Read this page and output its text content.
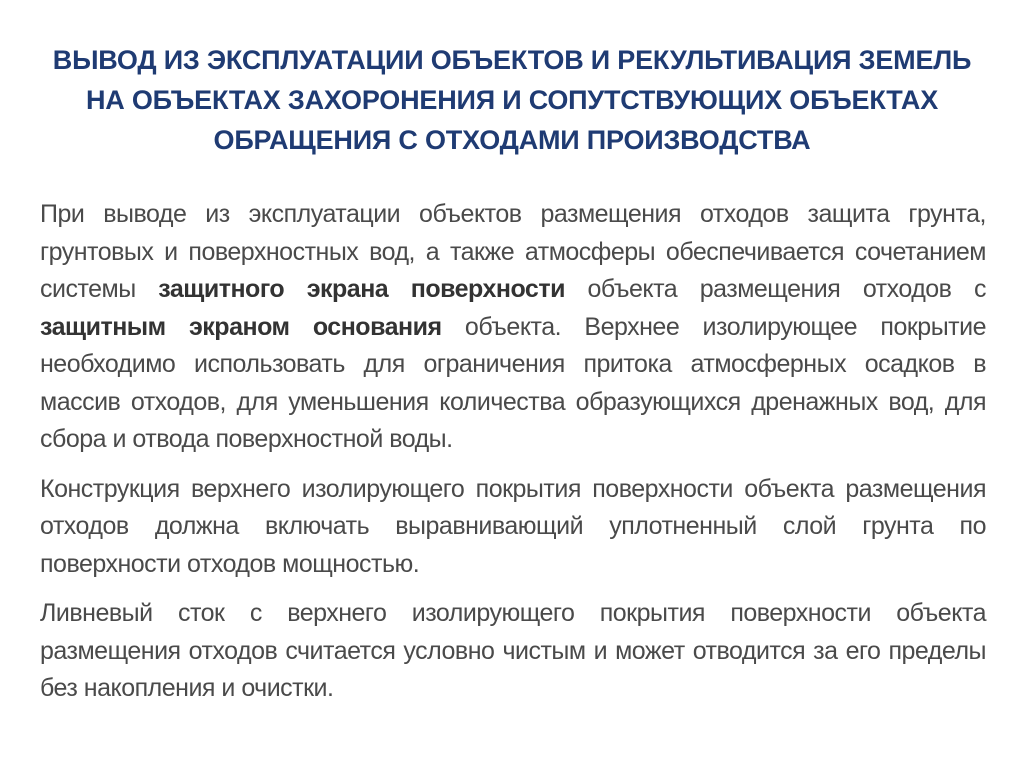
ВЫВОД ИЗ ЭКСПЛУАТАЦИИ ОБЪЕКТОВ И РЕКУЛЬТИВАЦИЯ ЗЕМЕЛЬ
НА ОБЪЕКТАХ ЗАХОРОНЕНИЯ И СОПУТСТВУЮЩИХ ОБЪЕКТАХ
ОБРАЩЕНИЯ С ОТХОДАМИ ПРОИЗВОДСТВА

При выводе из эксплуатации объектов размещения отходов защита грунта, грунтовых и поверхностных вод, а также атмосферы обеспечивается сочетанием системы защитного экрана поверхности объекта размещения отходов с защитным экраном основания объекта. Верхнее изолирующее покрытие необходимо использовать для ограничения притока атмосферных осадков в массив отходов, для уменьшения количества образующихся дренажных вод, для сбора и отвода поверхностной воды.

Конструкция верхнего изолирующего покрытия поверхности объекта размещения отходов должна включать выравнивающий уплотненный слой грунта по поверхности отходов мощностью.

Ливневый сток с верхнего изолирующего покрытия поверхности объекта размещения отходов считается условно чистым и может отводится за его пределы без накопления и очистки.
